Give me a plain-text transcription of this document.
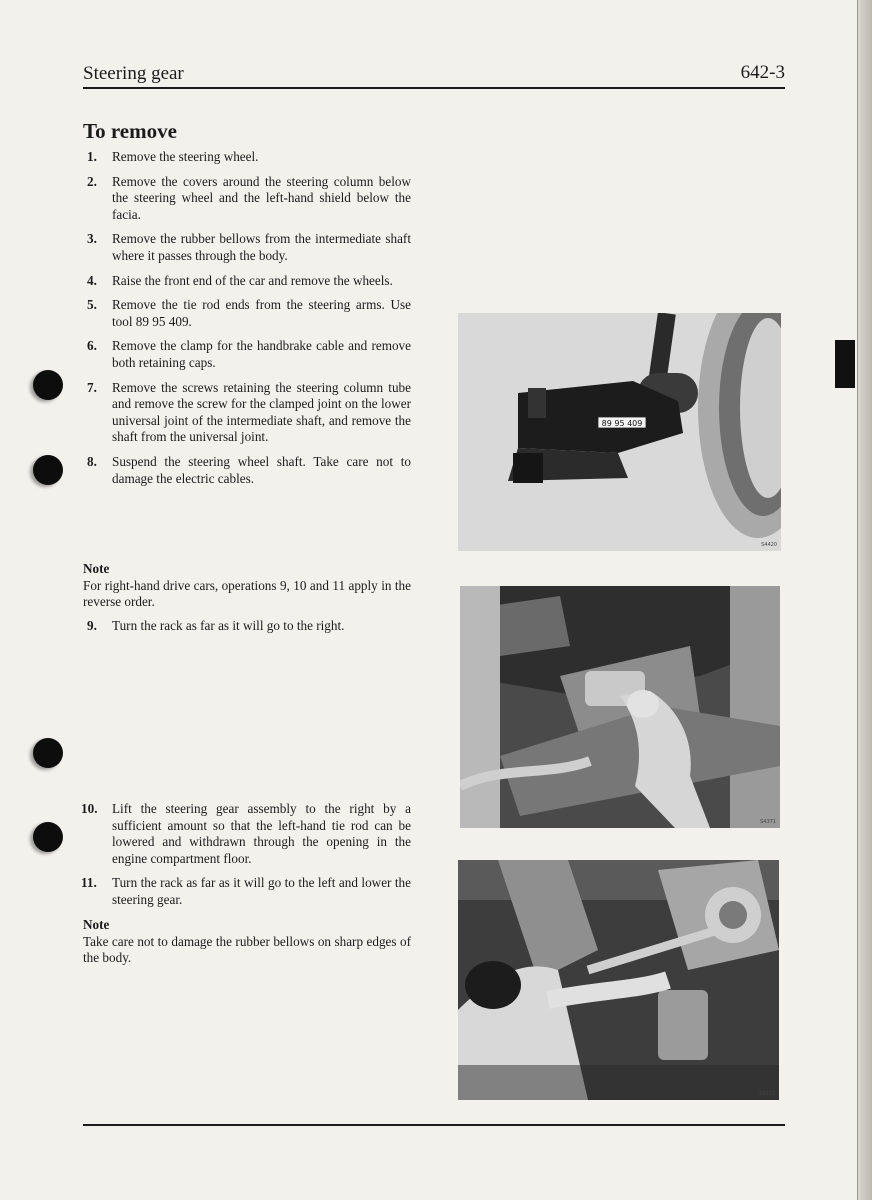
Steering gear	642-3
To remove
1. Remove the steering wheel.
2. Remove the covers around the steering column below the steering wheel and the left-hand shield below the facia.
3. Remove the rubber bellows from the intermediate shaft where it passes through the body.
4. Raise the front end of the car and remove the wheels.
5. Remove the tie rod ends from the steering arms. Use tool 89 95 409.
6. Remove the clamp for the handbrake cable and remove both retaining caps.
7. Remove the screws retaining the steering column tube and remove the screw for the clamped joint on the lower universal joint of the intermediate shaft, and remove the shaft from the universal joint.
8. Suspend the steering wheel shaft. Take care not to damage the electric cables.
Note
For right-hand drive cars, operations 9, 10 and 11 apply in the reverse order.
9. Turn the rack as far as it will go to the right.
10. Lift the steering gear assembly to the right by a sufficient amount so that the left-hand tie rod can be lowered and withdrawn through the opening in the engine compartment floor.
11. Turn the rack as far as it will go to the left and lower the steering gear.
Note
Take care not to damage the rubber bellows on sharp edges of the body.
89 95 409
S4420
S4371
S4372
